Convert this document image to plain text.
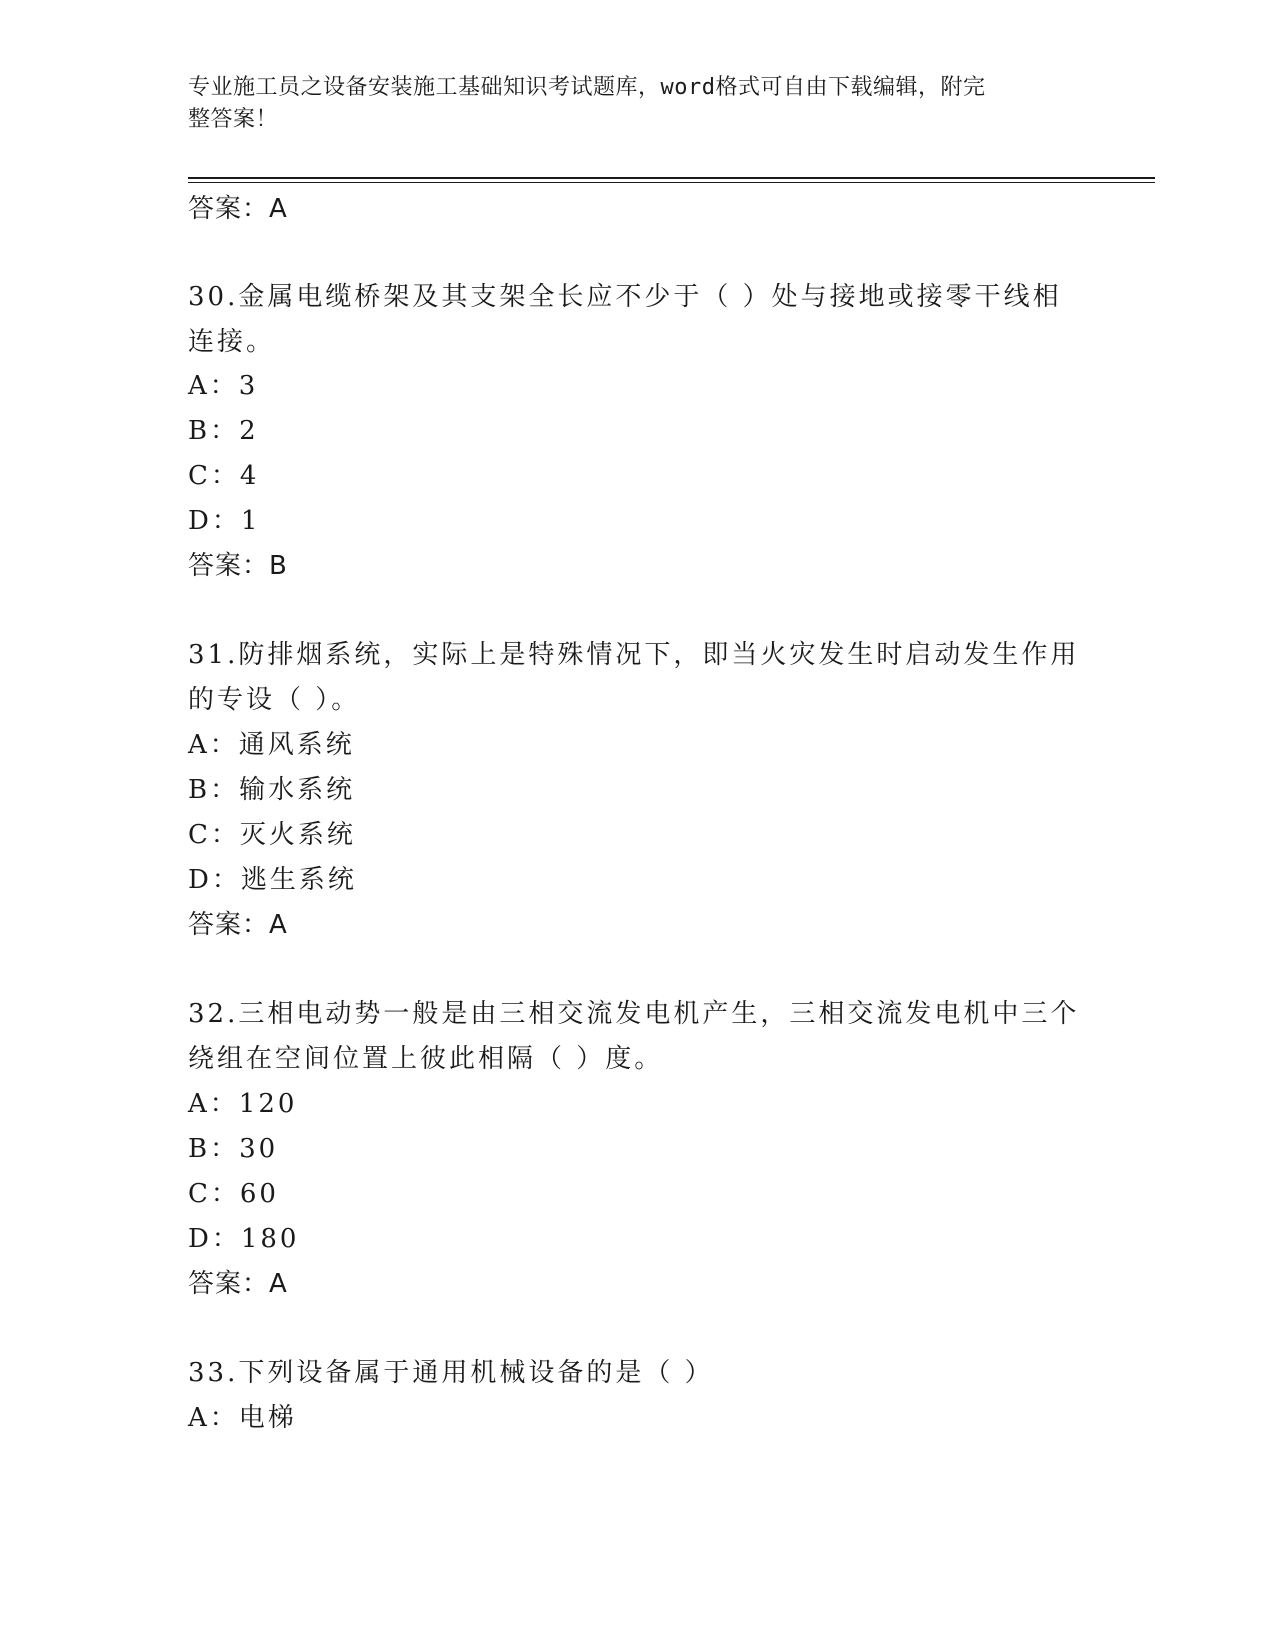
专业施工员之设备安装施工基础知识考试题库，word格式可自由下载编辑，附完
整答案！
答案：A
30.金属电缆桥架及其支架全长应不少于（ ）处与接地或接零干线相
连接。
A：3
B：2
C：4
D：1
答案：B
31.防排烟系统，实际上是特殊情况下，即当火灾发生时启动发生作用
的专设（ ）。
A：通风系统
B：输水系统
C：灭火系统
D：逃生系统
答案：A
32.三相电动势一般是由三相交流发电机产生，三相交流发电机中三个
绕组在空间位置上彼此相隔（ ）度。
A：120
B：30
C：60
D：180
答案：A
33.下列设备属于通用机械设备的是（ ）
A：电梯
